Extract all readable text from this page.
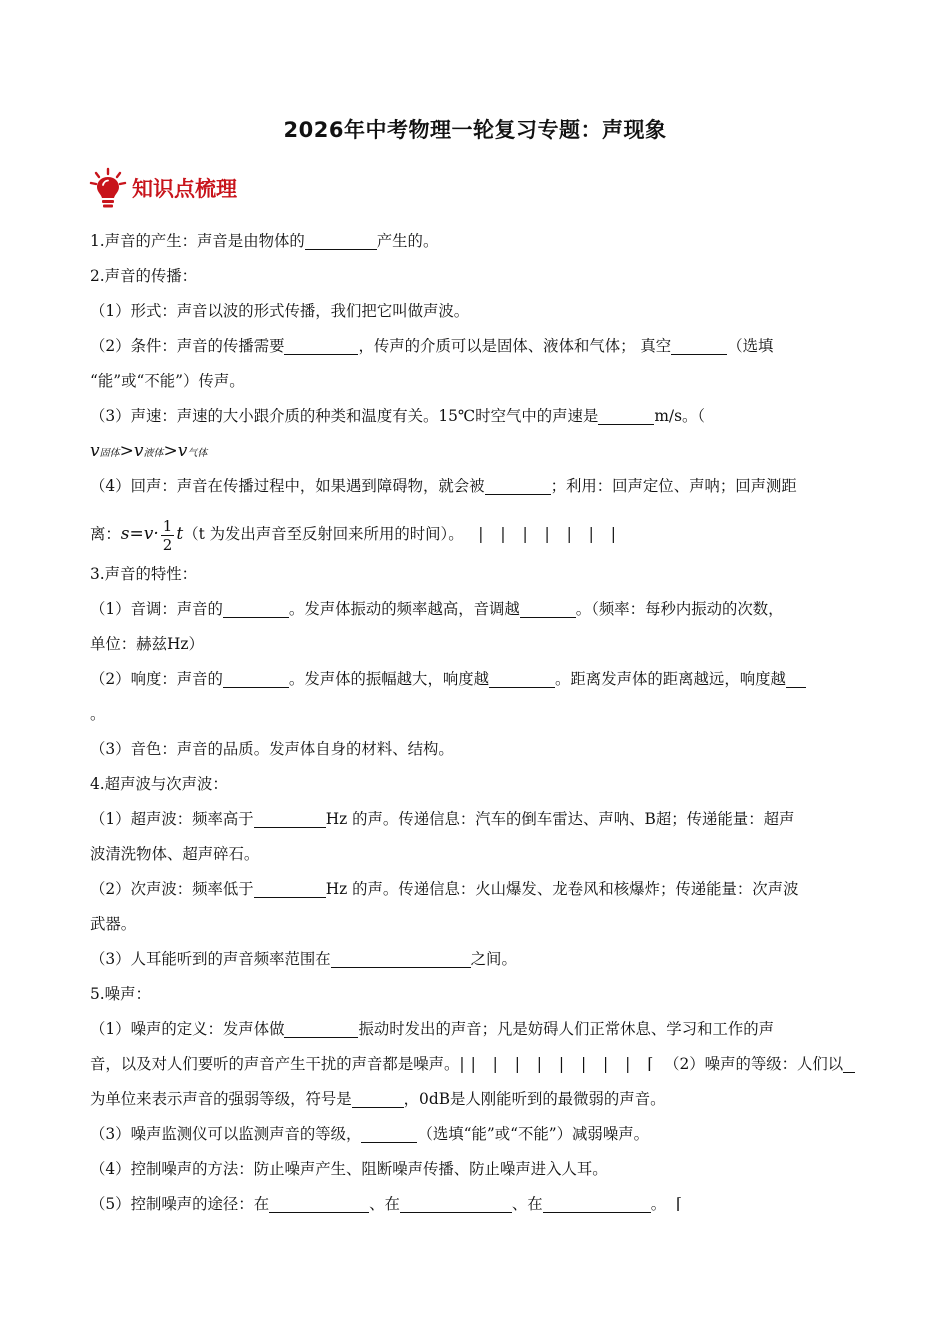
2026年中考物理一轮复习专题：声现象
知识点梳理
1.声音的产生：声音是由物体的	产生的。
2.声音的传播：
（1）形式：声音以波的形式传播，我们把它叫做声波。
（2）条件：声音的传播需要	，传声的介质可以是固体、液体和气体； 真空	（选填
“能”或“不能”）传声。
（3）声速：声速的大小跟介质的种类和温度有关。15℃时空气中的声速是	m/s。（
v固体>v液体>v气体
（4）回声：声音在传播过程中，如果遇到障碍物，就会被	；利用：回声定位、声呐；回声测距
离：$s=v\cdot \frac{1}{2} t(t$ 为发出声音至反射回来所用的时间）。 | | | | | | |
3.声音的特性：
（1）音调：声音的	。发声体振动的频率越高，音调越	。（频率：每秒内振动的次数，
单位：赫兹Hz）
（2）响度：声音的	。发声体的振幅越大，响度越	。距离发声体的距离越远，响度越
。
（3）音色：声音的品质。发声体自身的材料、结构。
4.超声波与次声波：
（1）超声波：频率高于	Hz 的声。传递信息：汽车的倒车雷达、声呐、B超；传递能量：超声
波清洗物体、超声碎石。
（2）次声波：频率低于	Hz 的声。传递信息：火山爆发、龙卷风和核爆炸；传递能量：次声波
武器。
（3）人耳能听到的声音频率范围在	之间。
5.噪声：
（1）噪声的定义：发声体做	振动时发出的声音；凡是妨碍人们正常休息、学习和工作的声
音，以及对人们要听的声音产生干扰的声音都是噪声。|| | | | | | | | ⌈ （2）噪声的等级：人们以
为单位来表示声音的强弱等级，符号是	，0dB是人刚能听到的最微弱的声音。
（3）噪声监测仪可以监测声音的等级，	（选填“能”或“不能”）减弱噪声。
（4）控制噪声的方法：防止噪声产生、阻断噪声传播、防止噪声进入人耳。
（5）控制噪声的途径：在	、在	、在	。 ⌈
